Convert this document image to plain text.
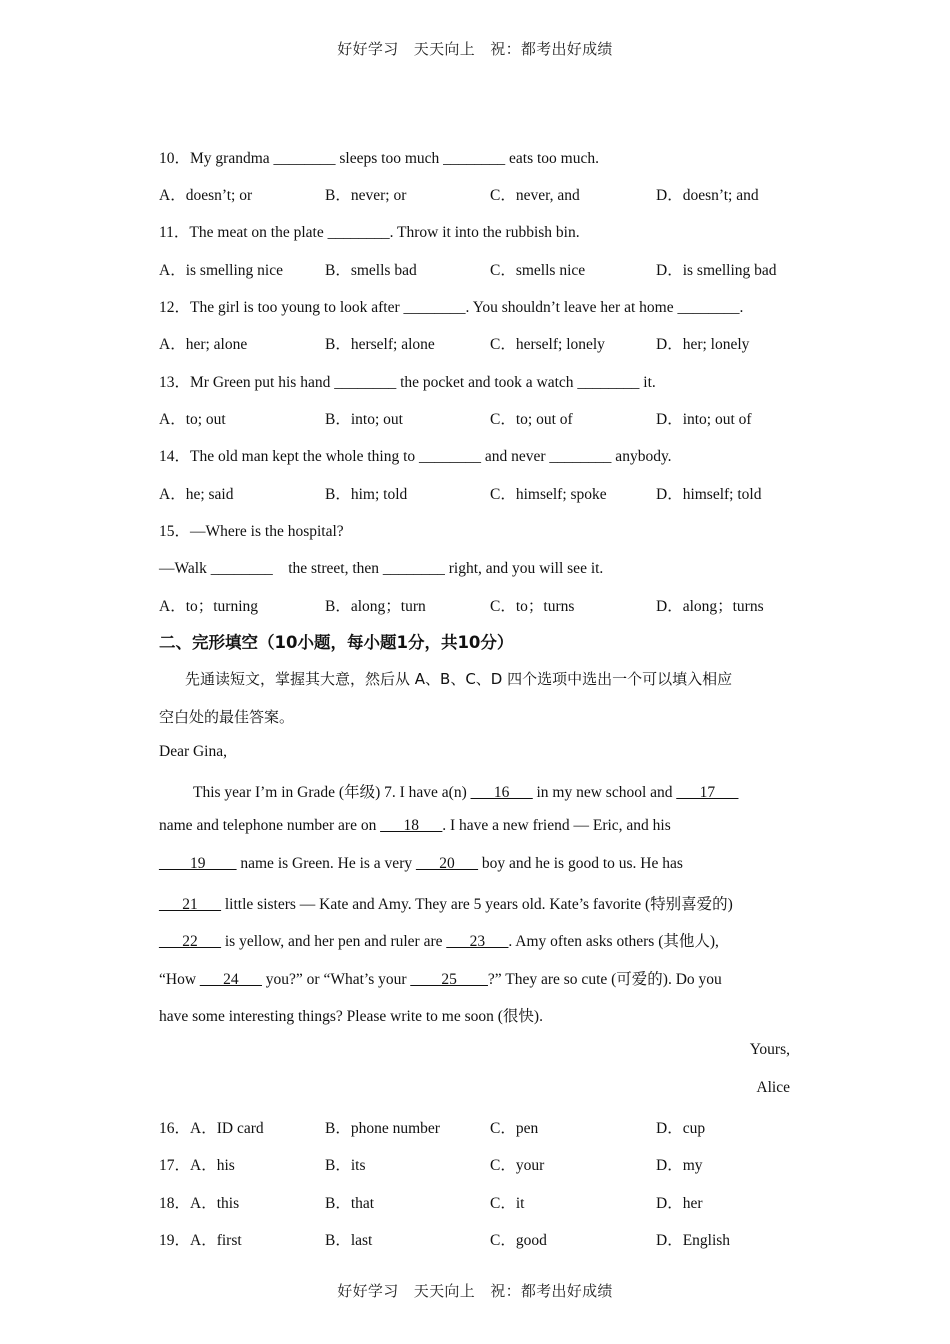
好好学习　天天向上　祝：都考出好成绩
10．My grandma ________ sleeps too much ________ eats too much.
A．doesn’t; or	B．never; or	C．never, and	D．doesn’t; and
11．The meat on the plate ________. Throw it into the rubbish bin.
A．is smelling nice	B．smells bad	C．smells nice	D．is smelling bad
12．The girl is too young to look after ________. You shouldn’t leave her at home ________.
A．her; alone	B．herself; alone	C．herself; lonely	D．her; lonely
13．Mr Green put his hand ________ the pocket and took a watch ________ it.
A．to; out	B．into; out	C．to; out of	D．into; out of
14．The old man kept the whole thing to ________ and never ________ anybody.
A．he; said	B．him; told	C．himself; spoke	D．himself; told
15．—Where is the hospital?
—Walk ________　the street, then ________ right, and you will see it.
A．to；turning	B．along；turn	C．to；turns	D．along；turns
二、完形填空（10小题，每小题1分，共10分）
先通读短文，掌握其大意，然后从 A、B、C、D 四个选项中选出一个可以填入相应
空白处的最佳答案。
Dear Gina,
This year I’m in Grade (年级) 7. I have a(n) ___16___ in my new school and ___17___
name and telephone number are on ___18___. I have a new friend — Eric, and his
____19____ name is Green. He is a very ___20___ boy and he is good to us. He has
___21___ little sisters — Kate and Amy. They are 5 years old. Kate’s favorite (特别喜爱的)
___22___ is yellow, and her pen and ruler are ___23___. Amy often asks others (其他人),
“How ___24___ you?” or “What’s your ____25____?” They are so cute (可爱的). Do you
have some interesting things? Please write to me soon (很快).
Yours,
Alice
16．A．ID card	B．phone number	C．pen	D．cup
17．A．his	B．its	C．your	D．my
18．A．this	B．that	C．it	D．her
19．A．first	B．last	C．good	D．English
好好学习　天天向上　祝：都考出好成绩
